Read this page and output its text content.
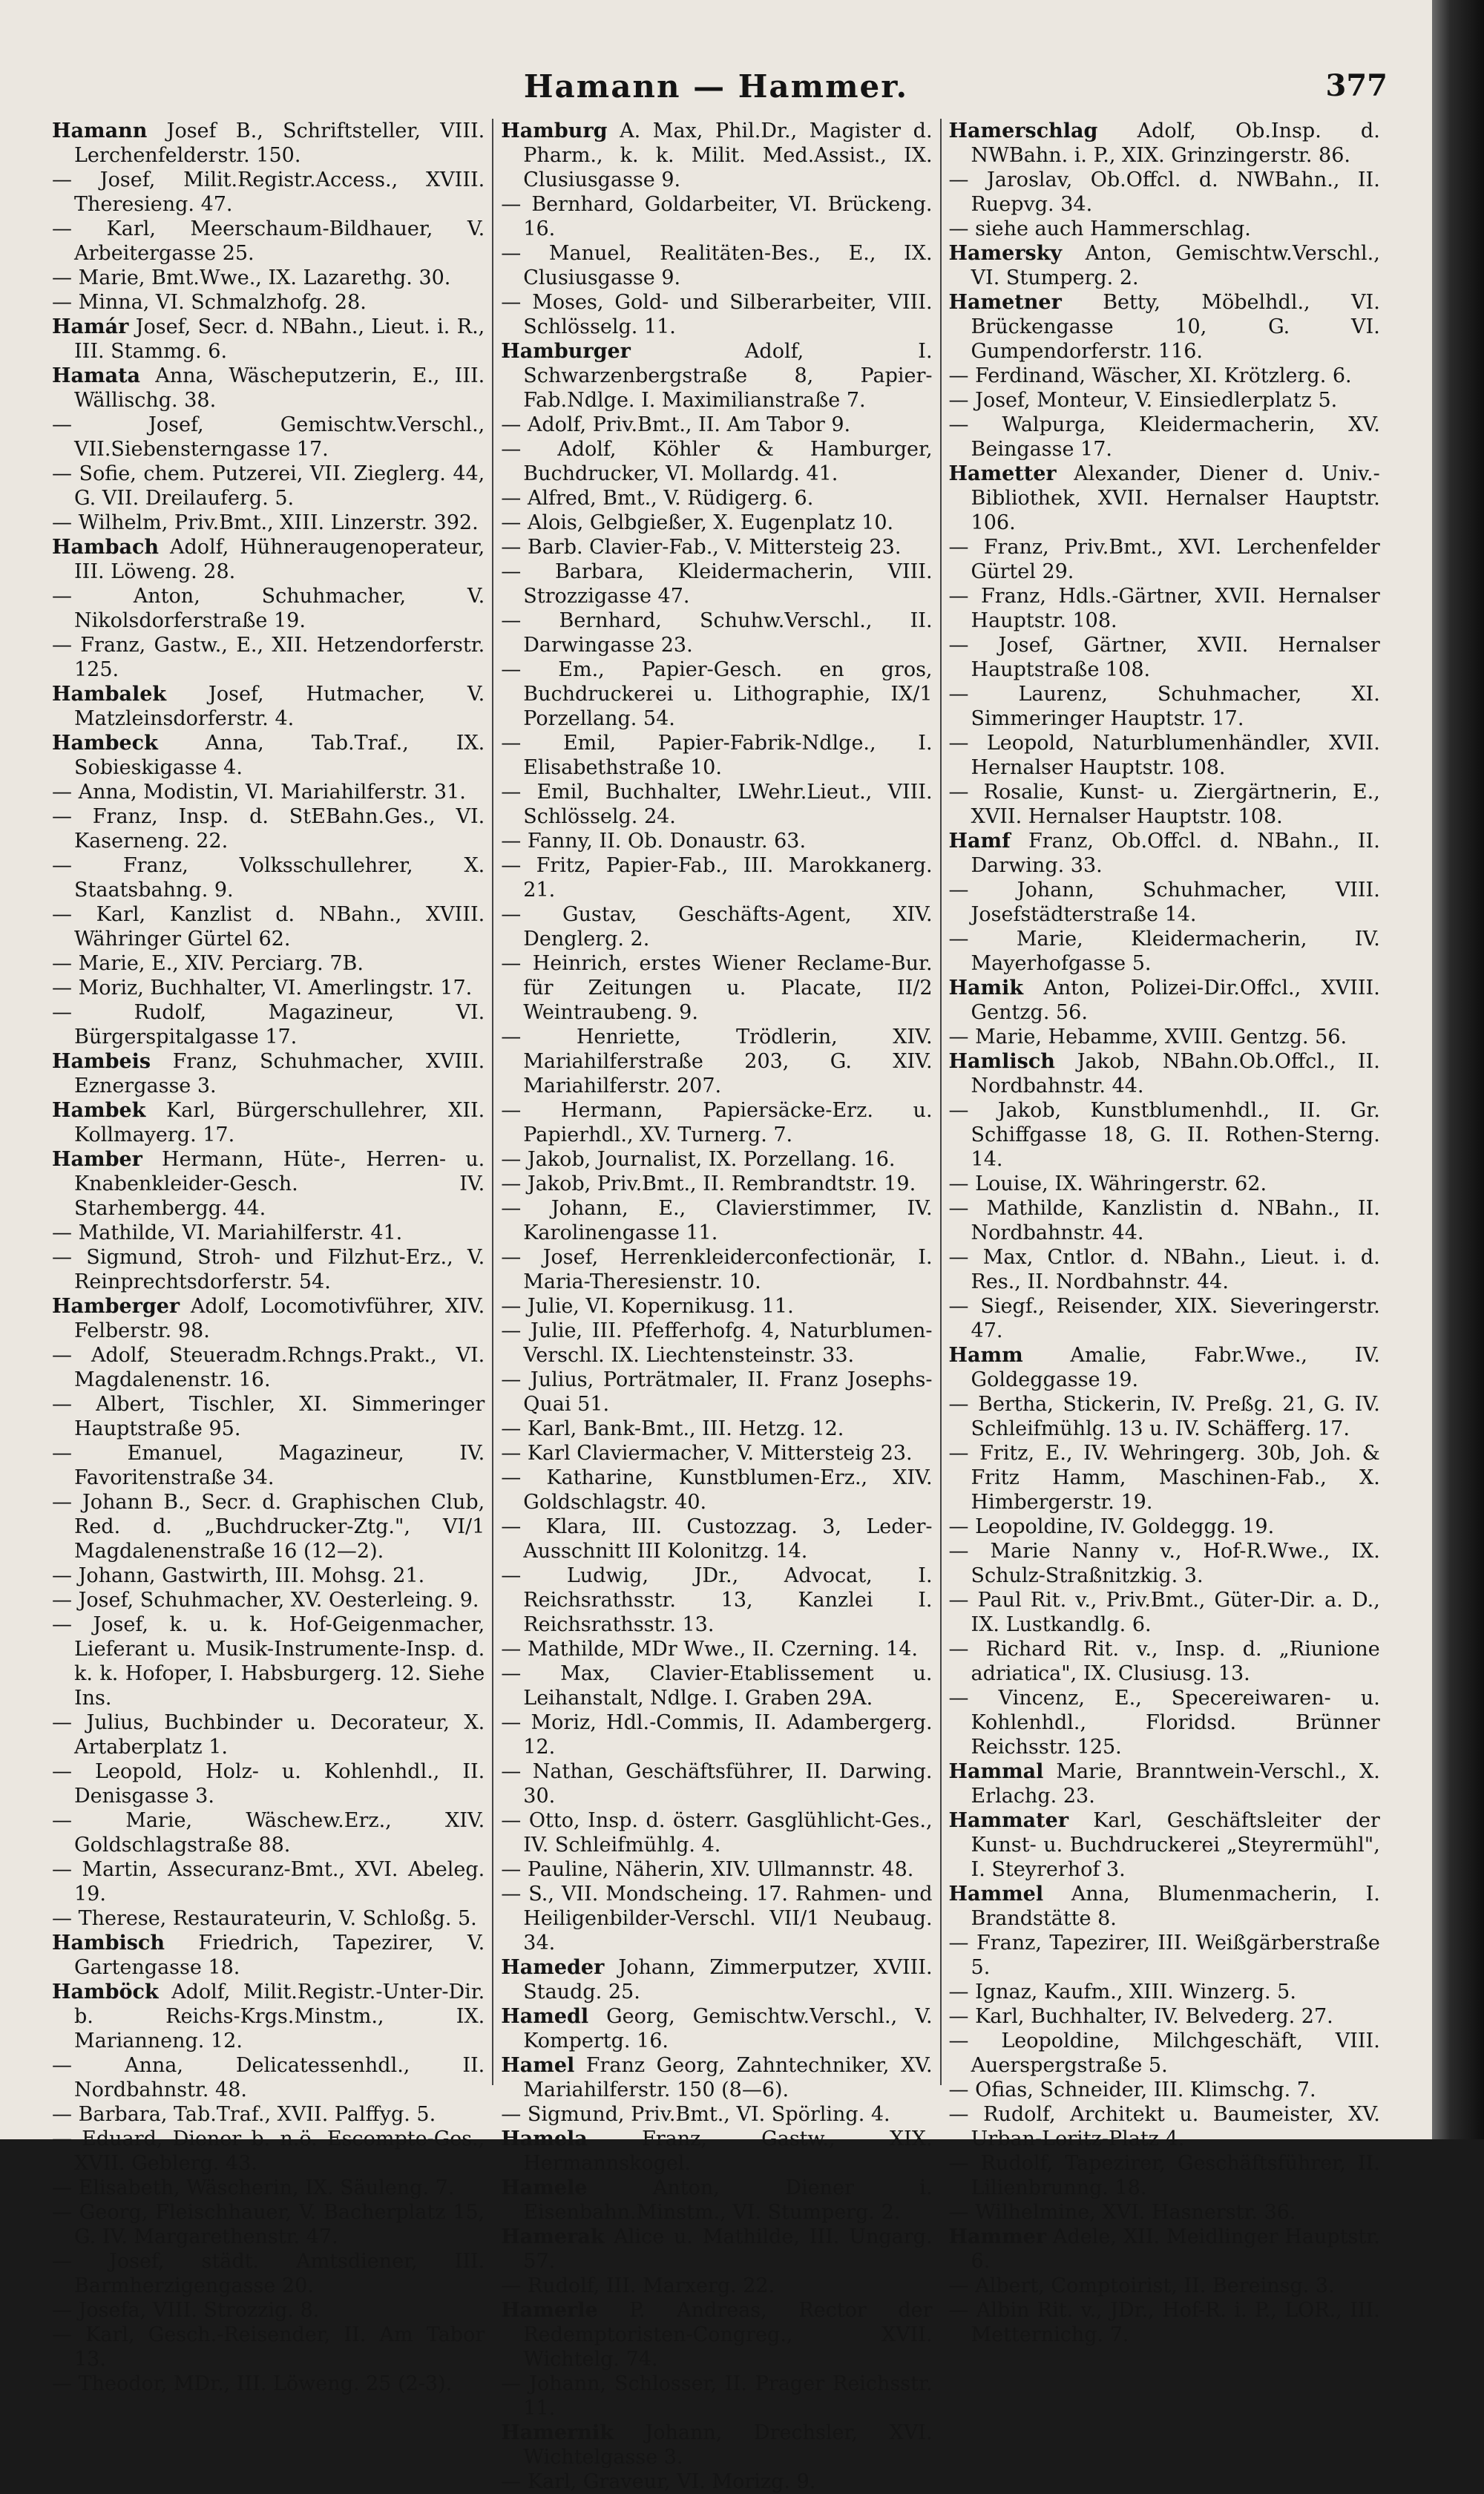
Hamann — Hammer.	377

Hamann Josef B., Schriftsteller, VIII. Lerchenfelderstr. 150.

— Josef, Milit.Registr.Access., XVIII. Theresieng. 47.

— Karl, Meerschaum-Bildhauer, V. Arbeitergasse 25.

— Marie, Bmt.Wwe., IX. Lazarethg. 30.

— Minna, VI. Schmalzhofg. 28.

Hamár Josef, Secr. d. NBahn., Lieut. i. R., III. Stammg. 6.

Hamata Anna, Wäscheputzerin, E., III. Wällischg. 38.

— Josef, Gemischtw.Verschl., VII.Siebensterngasse 17.

— Sofie, chem. Putzerei, VII. Zieglerg. 44, G. VII. Dreilauferg. 5.

— Wilhelm, Priv.Bmt., XIII. Linzerstr. 392.

Hambach Adolf, Hühneraugenoperateur, III. Löweng. 28.

— Anton, Schuhmacher, V. Nikolsdorferstraße 19.

— Franz, Gastw., E., XII. Hetzendorferstr. 125.

Hambalek Josef, Hutmacher, V. Matzleinsdorferstr. 4.

Hambeck Anna, Tab.Traf., IX. Sobieskigasse 4.

— Anna, Modistin, VI. Mariahilferstr. 31.

— Franz, Insp. d. StEBahn.Ges., VI. Kaserneng. 22.

— Franz, Volksschullehrer, X. Staatsbahng. 9.

— Karl, Kanzlist d. NBahn., XVIII. Währinger Gürtel 62.

— Marie, E., XIV. Perciarg. 7B.

— Moriz, Buchhalter, VI. Amerlingstr. 17.

— Rudolf, Magazineur, VI. Bürgerspitalgasse 17.

Hambeis Franz, Schuhmacher, XVIII. Eznergasse 3.

Hambek Karl, Bürgerschullehrer, XII. Kollmayerg. 17.

Hamber Hermann, Hüte-, Herren- u. Knabenkleider-Gesch. IV. Starhembergg. 44.

— Mathilde, VI. Mariahilferstr. 41.

— Sigmund, Stroh- und Filzhut-Erz., V. Reinprechtsdorferstr. 54.

Hamberger Adolf, Locomotivführer, XIV. Felberstr. 98.

— Adolf, Steueradm.Rchngs.Prakt., VI. Magdalenenstr. 16.

— Albert, Tischler, XI. Simmeringer Hauptstraße 95.

— Emanuel, Magazineur, IV. Favoritenstraße 34.

— Johann B., Secr. d. Graphischen Club, Red. d. „Buchdrucker-Ztg.", VI/1 Magdalenenstraße 16 (12—2).

— Johann, Gastwirth, III. Mohsg. 21.

— Josef, Schuhmacher, XV. Oesterleing. 9.

— Josef, k. u. k. Hof-Geigenmacher, Lieferant u. Musik-Instrumente-Insp. d. k. k. Hofoper, I. Habsburgerg. 12. Siehe Ins.

— Julius, Buchbinder u. Decorateur, X. Artaberplatz 1.

— Leopold, Holz- u. Kohlenhdl., II. Denisgasse 3.

— Marie, Wäschew.Erz., XIV. Goldschlagstraße 88.

— Martin, Assecuranz-Bmt., XVI. Abeleg. 19.

— Therese, Restaurateurin, V. Schloßg. 5.

Hambisch Friedrich, Tapezirer, V. Gartengasse 18.

Hamböck Adolf, Milit.Registr.-Unter-Dir. b. Reichs-Krgs.Minstm., IX. Marianneng. 12.

— Anna, Delicatessenhdl., II. Nordbahnstr. 48.

— Barbara, Tab.Traf., XVII. Palffyg. 5.

— Eduard, Diener b. n.ö. Escompte-Ges., XVII. Geblerg. 43.

— Elisabeth, Wäscherin, IX. Säuleng. 7.

— Georg, Fleischhauer, V. Bacherplatz 15, G. IV. Margarethenstr. 47.

— Josef, städt. Amtsdiener, III. Barmherzigengasse 20.

— Josefa, VIII. Strozzig. 8.

— Karl, Gesch.-Reisender, II. Am Tabor 13.

— Theodor, MDr., III. Löweng. 25 (2-3).

Hamburg A. Max, Phil.Dr., Magister d. Pharm., k. k. Milit. Med.Assist., IX. Clusiusgasse 9.

— Bernhard, Goldarbeiter, VI. Brückeng. 16.

— Manuel, Realitäten-Bes., E., IX. Clusiusgasse 9.

— Moses, Gold- und Silberarbeiter, VIII. Schlösselg. 11.

Hamburger Adolf, I. Schwarzenbergstraße 8, Papier-Fab.Ndlge. I. Maximilianstraße 7.

— Adolf, Priv.Bmt., II. Am Tabor 9.

— Adolf, Köhler & Hamburger, Buchdrucker, VI. Mollardg. 41.

— Alfred, Bmt., V. Rüdigerg. 6.

— Alois, Gelbgießer, X. Eugenplatz 10.

— Barb. Clavier-Fab., V. Mittersteig 23.

— Barbara, Kleidermacherin, VIII. Strozzigasse 47.

— Bernhard, Schuhw.Verschl., II. Darwingasse 23.

— Em., Papier-Gesch. en gros, Buchdruckerei u. Lithographie, IX/1 Porzellang. 54.

— Emil, Papier-Fabrik-Ndlge., I. Elisabethstraße 10.

— Emil, Buchhalter, LWehr.Lieut., VIII. Schlösselg. 24.

— Fanny, II. Ob. Donaustr. 63.

— Fritz, Papier-Fab., III. Marokkanerg. 21.

— Gustav, Geschäfts-Agent, XIV. Denglerg. 2.

— Heinrich, erstes Wiener Reclame-Bur. für Zeitungen u. Placate, II/2 Weintraubeng. 9.

— Henriette, Trödlerin, XIV. Mariahilferstraße 203, G. XIV. Mariahilferstr. 207.

— Hermann, Papiersäcke-Erz. u. Papierhdl., XV. Turnerg. 7.

— Jakob, Journalist, IX. Porzellang. 16.

— Jakob, Priv.Bmt., II. Rembrandtstr. 19.

— Johann, E., Clavierstimmer, IV. Karolinengasse 11.

— Josef, Herrenkleiderconfectionär, I. Maria-Theresienstr. 10.

— Julie, VI. Kopernikusg. 11.

— Julie, III. Pfefferhofg. 4, Naturblumen-Verschl. IX. Liechtensteinstr. 33.

— Julius, Porträtmaler, II. Franz Josephs-Quai 51.

— Karl, Bank-Bmt., III. Hetzg. 12.

— Karl Claviermacher, V. Mittersteig 23.

— Katharine, Kunstblumen-Erz., XIV. Goldschlagstr. 40.

— Klara, III. Custozzag. 3, Leder-Ausschnitt III Kolonitzg. 14.

— Ludwig, JDr., Advocat, I. Reichsrathsstr. 13, Kanzlei I. Reichsrathsstr. 13.

— Mathilde, MDr Wwe., II. Czerning. 14.

— Max, Clavier-Etablissement u. Leihanstalt, Ndlge. I. Graben 29A.

— Moriz, Hdl.-Commis, II. Adambergerg. 12.

— Nathan, Geschäftsführer, II. Darwing. 30.

— Otto, Insp. d. österr. Gasglühlicht-Ges., IV. Schleifmühlg. 4.

— Pauline, Näherin, XIV. Ullmannstr. 48.

— S., VII. Mondscheing. 17. Rahmen- und Heiligenbilder-Verschl. VII/1 Neubaug. 34.

Hameder Johann, Zimmerputzer, XVIII. Staudg. 25.

Hamedl Georg, Gemischtw.Verschl., V. Kompertg. 16.

Hamel Franz Georg, Zahntechniker, XV. Mariahilferstr. 150 (8—6).

— Sigmund, Priv.Bmt., VI. Spörling. 4.

Hamela Franz, Gastw., XIX. Hermannskogel.

Hamele Anton, Diener i. Eisenbahn.Minstm., VI. Stumperg. 2.

Hamerak Alice u. Mathilde, III. Ungarg. 57.

— Rudolf, III. Marxerg. 22.

Hamerle P. Andreas, Rector der Redemptoristen-Congreg., XVII. Wichtelg. 74.

— Johann, Schlosser, II. Prager Reichsstr. 11.

Hamernik Johann, Drechsler, XVI. Wichtelgasse 3.

— Karl, Graveur, VI. Morizg. 9.

Hamerschlag Adolf, Ob.Insp. d. NWBahn. i. P., XIX. Grinzingerstr. 86.

— Jaroslav, Ob.Offcl. d. NWBahn., II. Ruepvg. 34.

— siehe auch Hammerschlag.

Hamersky Anton, Gemischtw.Verschl., VI. Stumperg. 2.

Hametner Betty, Möbelhdl., VI. Brückengasse 10, G. VI. Gumpendorferstr. 116.

— Ferdinand, Wäscher, XI. Krötzlerg. 6.

— Josef, Monteur, V. Einsiedlerplatz 5.

— Walpurga, Kleidermacherin, XV. Beingasse 17.

Hametter Alexander, Diener d. Univ.-Bibliothek, XVII. Hernalser Hauptstr. 106.

— Franz, Priv.Bmt., XVI. Lerchenfelder Gürtel 29.

— Franz, Hdls.-Gärtner, XVII. Hernalser Hauptstr. 108.

— Josef, Gärtner, XVII. Hernalser Hauptstraße 108.

— Laurenz, Schuhmacher, XI. Simmeringer Hauptstr. 17.

— Leopold, Naturblumenhändler, XVII. Hernalser Hauptstr. 108.

— Rosalie, Kunst- u. Ziergärtnerin, E., XVII. Hernalser Hauptstr. 108.

Hamf Franz, Ob.Offcl. d. NBahn., II. Darwing. 33.

— Johann, Schuhmacher, VIII. Josefstädterstraße 14.

— Marie, Kleidermacherin, IV. Mayerhofgasse 5.

Hamik Anton, Polizei-Dir.Offcl., XVIII. Gentzg. 56.

— Marie, Hebamme, XVIII. Gentzg. 56.

Hamlisch Jakob, NBahn.Ob.Offcl., II. Nordbahnstr. 44.

— Jakob, Kunstblumenhdl., II. Gr. Schiffgasse 18, G. II. Rothen-Sterng. 14.

— Louise, IX. Währingerstr. 62.

— Mathilde, Kanzlistin d. NBahn., II. Nordbahnstr. 44.

— Max, Cntlor. d. NBahn., Lieut. i. d. Res., II. Nordbahnstr. 44.

— Siegf., Reisender, XIX. Sieveringerstr. 47.

Hamm Amalie, Fabr.Wwe., IV. Goldeggasse 19.

— Bertha, Stickerin, IV. Preßg. 21, G. IV. Schleifmühlg. 13 u. IV. Schäfferg. 17.

— Fritz, E., IV. Wehringerg. 30b, Joh. & Fritz Hamm, Maschinen-Fab., X. Himbergerstr. 19.

— Leopoldine, IV. Goldeggg. 19.

— Marie Nanny v., Hof-R.Wwe., IX. Schulz-Straßnitzkig. 3.

— Paul Rit. v., Priv.Bmt., Güter-Dir. a. D., IX. Lustkandlg. 6.

— Richard Rit. v., Insp. d. „Riunione adriatica", IX. Clusiusg. 13.

— Vincenz, E., Specereiwaren- u. Kohlenhdl., Floridsd. Brünner Reichsstr. 125.

Hammal Marie, Branntwein-Verschl., X. Erlachg. 23.

Hammater Karl, Geschäftsleiter der Kunst- u. Buchdruckerei „Steyrermühl", I. Steyrerhof 3.

Hammel Anna, Blumenmacherin, I. Brandstätte 8.

— Franz, Tapezirer, III. Weißgärberstraße 5.

— Ignaz, Kaufm., XIII. Winzerg. 5.

— Karl, Buchhalter, IV. Belvederg. 27.

— Leopoldine, Milchgeschäft, VIII. Auerspergstraße 5.

— Ofias, Schneider, III. Klimschg. 7.

— Rudolf, Architekt u. Baumeister, XV. Urban-Loritz-Platz 4.

— Rudolf, Tapezirer, Geschäftsführer, II. Lilienbrunng. 18.

— Wilhelmine, XVI. Hasnerstr. 36.

Hammer Adele, XII. Meidlinger Hauptstr. 6.

— Albert, Comptoirist, II. Bereinsg. 3.

— Albin Rit. v., JDr., Hof-R. i. P., LOR., III. Metternichg. 7.
